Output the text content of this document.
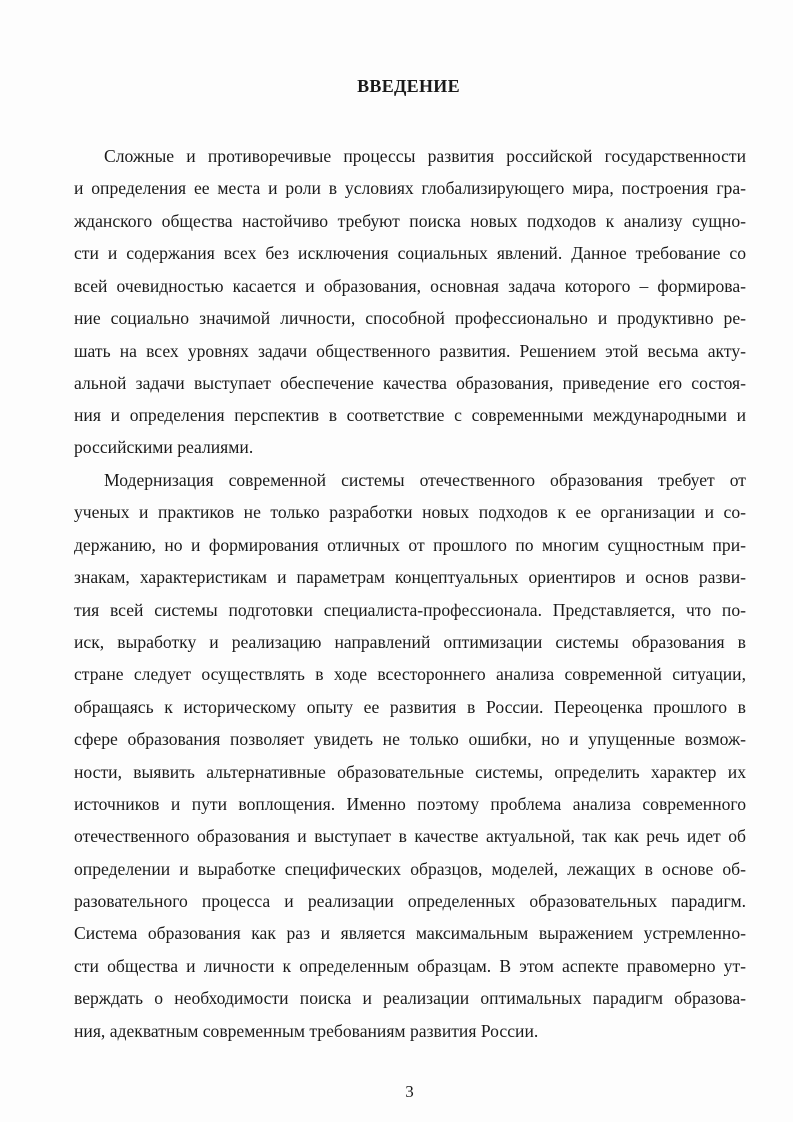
ВВЕДЕНИЕ
Сложные и противоречивые процессы развития российской государственности
и определения ее места и роли в условиях глобализирующего мира, построения гра-
жданского общества настойчиво требуют поиска новых подходов к анализу сущно-
сти и содержания всех без исключения социальных явлений. Данное требование со
всей очевидностью касается и образования, основная задача которого – формирова-
ние социально значимой личности, способной профессионально и продуктивно ре-
шать на всех уровнях задачи общественного развития. Решением этой весьма акту-
альной задачи выступает обеспечение качества образования, приведение его состоя-
ния и определения перспектив в соответствие с современными международными и
российскими реалиями.
Модернизация современной системы отечественного образования требует от
ученых и практиков не только разработки новых подходов к ее организации и со-
держанию, но и формирования отличных от прошлого по многим сущностным при-
знакам, характеристикам и параметрам концептуальных ориентиров и основ разви-
тия всей системы подготовки специалиста-профессионала. Представляется, что по-
иск, выработку и реализацию направлений оптимизации системы образования в
стране следует осуществлять в ходе всестороннего анализа современной ситуации,
обращаясь к историческому опыту ее развития в России. Переоценка прошлого в
сфере образования позволяет увидеть не только ошибки, но и упущенные возмож-
ности, выявить альтернативные образовательные системы, определить характер их
источников и пути воплощения. Именно поэтому проблема анализа современного
отечественного образования и выступает в качестве актуальной, так как речь идет об
определении и выработке специфических образцов, моделей, лежащих в основе об-
разовательного процесса и реализации определенных образовательных парадигм.
Система образования как раз и является максимальным выражением устремленно-
сти общества и личности к определенным образцам. В этом аспекте правомерно ут-
верждать о необходимости поиска и реализации оптимальных парадигм образова-
ния, адекватным современным требованиям развития России.
3
